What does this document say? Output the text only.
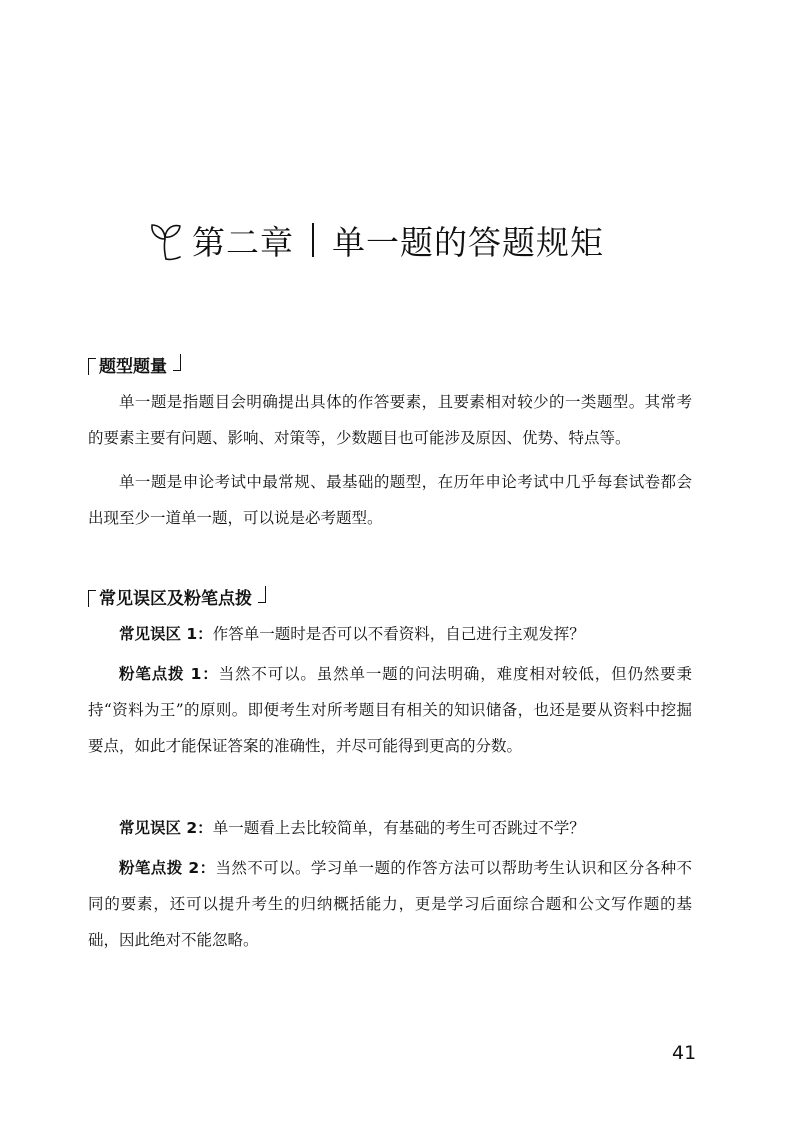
第二章 单一题的答题规矩
题型题量

单一题是指题目会明确提出具体的作答要素，且要素相对较少的一类题型。其常考的要素主要有问题、影响、对策等，少数题目也可能涉及原因、优势、特点等。

单一题是申论考试中最常规、最基础的题型，在历年申论考试中几乎每套试卷都会出现至少一道单一题，可以说是必考题型。

常见误区及粉笔点拨

常见误区 1：作答单一题时是否可以不看资料，自己进行主观发挥？

粉笔点拨 1：当然不可以。虽然单一题的问法明确，难度相对较低，但仍然要秉持“资料为王”的原则。即便考生对所考题目有相关的知识储备，也还是要从资料中挖掘要点，如此才能保证答案的准确性，并尽可能得到更高的分数。

常见误区 2：单一题看上去比较简单，有基础的考生可否跳过不学？

粉笔点拨 2：当然不可以。学习单一题的作答方法可以帮助考生认识和区分各种不同的要素，还可以提升考生的归纳概括能力，更是学习后面综合题和公文写作题的基础，因此绝对不能忽略。

41
